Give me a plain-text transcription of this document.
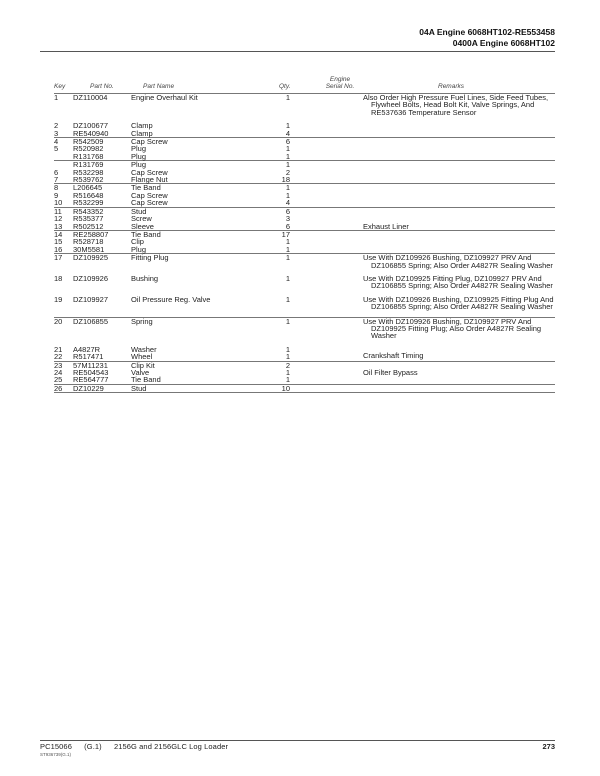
04A Engine 6068HT102-RE553458
0400A Engine 6068HT102
Key	Part No.	Part Name	Qty.
Engine
Serial No.	Remarks
1	DZ110004	Engine Overhaul Kit	1		Also Order High Pressure Fuel Lines, Side Feed Tubes,
Flywheel Bolts, Head Bolt Kit, Valve Springs, And
RE537636 Temperature Sensor

2	DZ100677	Clamp	1		
3	RE540940	Clamp	4		
4	R542509	Cap Screw	6		
5	R520982	Plug	1		
	R131768	Plug	1		
	R131769	Plug	1		
6	R532298	Cap Screw	2		
7	R539762	Flange Nut	18		
8	L206645	Tie Band	1		
9	R516648	Cap Screw	1		
10	R532299	Cap Screw	4		
11	R543352	Stud	6		
12	R535377	Screw	3		
13	R502512	Sleeve	6		Exhaust Liner

14	RE258807	Tie Band	17		
15	R528718	Clip	1		
16	30M5581	Plug	1		
17	DZ109925	Fitting Plug	1		Use With DZ109926 Bushing, DZ109927 PRV And
DZ106855 Spring; Also Order A4827R Sealing Washer

18	DZ109926	Bushing	1		Use With DZ109925 Fitting Plug, DZ109927 PRV And
DZ106855 Spring; Also Order A4827R Sealing Washer

19	DZ109927	Oil Pressure Reg. Valve	1		Use With DZ109926 Bushing, DZ109925 Fitting Plug And
DZ106855 Spring; Also Order A4827R Sealing Washer

20	DZ106855	Spring	1		Use With DZ109926 Bushing, DZ109927 PRV And
DZ109925 Fitting Plug; Also Order A4827R Sealing
Washer

21	A4827R	Washer	1		
22	R517471	Wheel	1		Crankshaft Timing

23	57M11231	Clip Kit	2		
24	RE504543	Valve	1		Oil Filter Bypass

25	RE564777	Tie Band	1		
26	DZ10229	Stud	10		
PC15066 (G.1) 2156G and 2156GLC Log Loader
ST936739(G.1)
273
